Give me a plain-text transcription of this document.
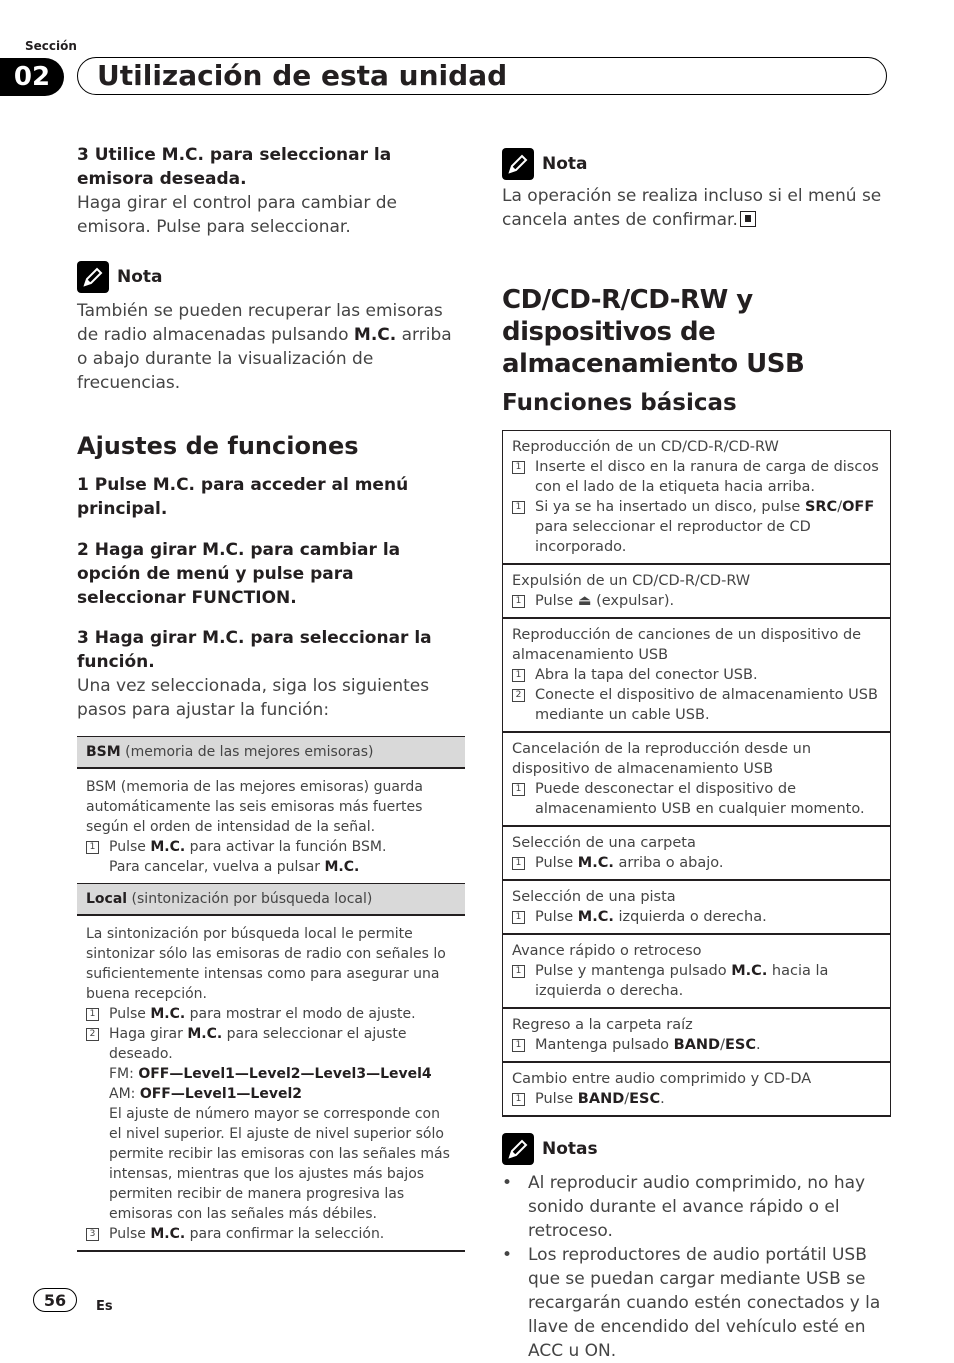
Sección
02	Utilización de esta unidad

3 Utilice M.C. para seleccionar la emisora deseada.

Haga girar el control para cambiar de emisora. Pulse para seleccionar.

Nota

También se pueden recuperar las emisoras de radio almacenadas pulsando M.C. arriba o abajo durante la visualización de frecuencias.

Ajustes de funciones

1 Pulse M.C. para acceder al menú principal.

2 Haga girar M.C. para cambiar la opción de menú y pulse para seleccionar FUNCTION.

3 Haga girar M.C. para seleccionar la función.

Una vez seleccionada, siga los siguientes pasos para ajustar la función:

BSM (memoria de las mejores emisoras)
BSM (memoria de las mejores emisoras) guarda automáticamente las seis emisoras más fuertes según el orden de intensidad de la señal.
1 Pulse M.C. para activar la función BSM.
Para cancelar, vuelva a pulsar M.C.
Local (sintonización por búsqueda local)
La sintonización por búsqueda local le permite sintonizar sólo las emisoras de radio con señales lo suficientemente intensas como para asegurar una buena recepción.
1 Pulse M.C. para mostrar el modo de ajuste.
2 Haga girar M.C. para seleccionar el ajuste deseado.
FM: OFF—Level1—Level2—Level3—Level4
AM: OFF—Level1—Level2
El ajuste de número mayor se corresponde con el nivel superior. El ajuste de nivel superior sólo permite recibir las emisoras con las señales más intensas, mientras que los ajustes más bajos permiten recibir de manera progresiva las emisoras con las señales más débiles.
3 Pulse M.C. para confirmar la selección.
Nota

La operación se realiza incluso si el menú se cancela antes de confirmar.

CD/CD-R/CD-RW y dispositivos de almacenamiento USB
Funciones básicas
Reproducción de un CD/CD-R/CD-RW
1 Inserte el disco en la ranura de carga de discos con el lado de la etiqueta hacia arriba.
1 Si ya se ha insertado un disco, pulse SRC/OFF para seleccionar el reproductor de CD incorporado.
Expulsión de un CD/CD-R/CD-RW
1 Pulse ⏏ (expulsar).
Reproducción de canciones de un dispositivo de almacenamiento USB
1 Abra la tapa del conector USB.
2 Conecte el dispositivo de almacenamiento USB mediante un cable USB.
Cancelación de la reproducción desde un dispositivo de almacenamiento USB
1 Puede desconectar el dispositivo de almacenamiento USB en cualquier momento.
Selección de una carpeta
1 Pulse M.C. arriba o abajo.
Selección de una pista
1 Pulse M.C. izquierda o derecha.
Avance rápido o retroceso
1 Pulse y mantenga pulsado M.C. hacia la izquierda o derecha.
Regreso a la carpeta raíz
1 Mantenga pulsado BAND/ESC.
Cambio entre audio comprimido y CD-DA
1 Pulse BAND/ESC.
Notas

• Al reproducir audio comprimido, no hay sonido durante el avance rápido o el retroceso.

• Los reproductores de audio portátil USB que se puedan cargar mediante USB se recargarán cuando estén conectados y la llave de encendido del vehículo esté en ACC u ON.

56	Es
